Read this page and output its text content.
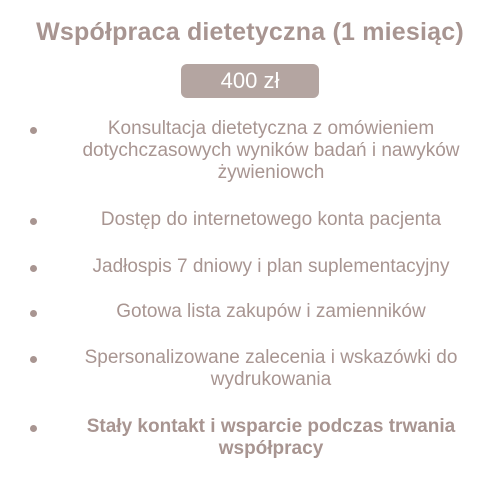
Współpraca dietetyczna (1 miesiąc)
400 zł
Konsultacja dietetyczna z omówieniem dotychczasowych wyników badań i nawyków żywieniowch
Dostęp do internetowego konta pacjenta
Jadłospis 7 dniowy i plan suplementacyjny
Gotowa lista zakupów i zamienników
Spersonalizowane zalecenia i wskazówki do wydrukowania
Stały kontakt i wsparcie podczas trwania współpracy
